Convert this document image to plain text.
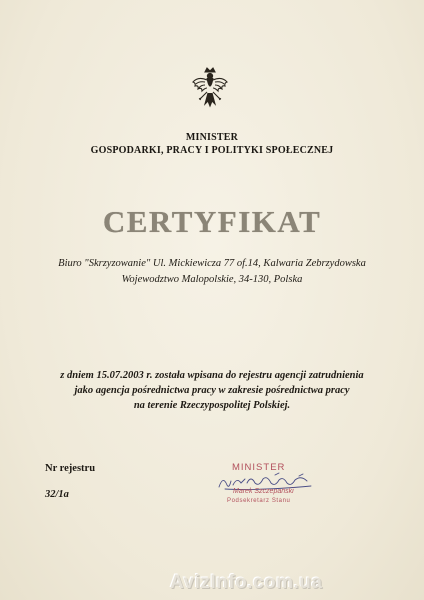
MINISTER
GOSPODARKI, PRACY I POLITYKI SPOŁECZNEJ
CERTYFIKAT
Biuro "Skrzyzowanie" Ul. Mickiewicza 77 of.14, Kalwaria Zebrzydowska
Wojewodztwo Malopolskie, 34-130, Polska
z dniem 15.07.2003 r. została wpisana do rejestru agencji zatrudnienia
jako agencja pośrednictwa pracy w zakresie pośrednictwa pracy
na terenie Rzeczypospolitej Polskiej.
Nr rejestru
32/1a
MINISTER
Marek Szczepański
Podsekretarz Stanu
AvizInfo.com.ua
